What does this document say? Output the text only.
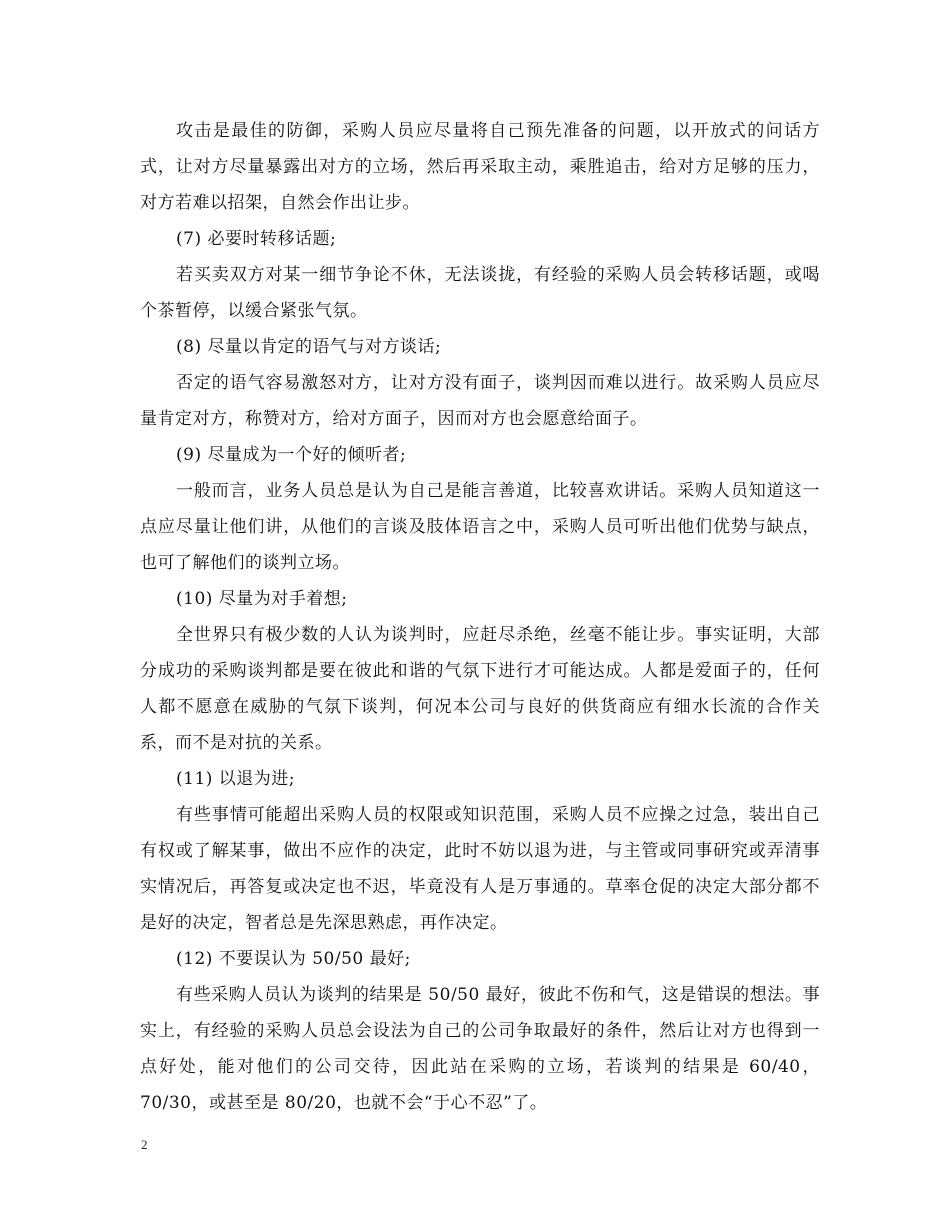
攻击是最佳的防御，采购人员应尽量将自己预先准备的问题，以开放式的问话方式，让对方尽量暴露出对方的立场，然后再采取主动，乘胜追击，给对方足够的压力，对方若难以招架，自然会作出让步。

(7) 必要时转移话题;

若买卖双方对某一细节争论不休，无法谈拢，有经验的采购人员会转移话题，或喝个茶暂停，以缓合紧张气氛。

(8) 尽量以肯定的语气与对方谈话;

否定的语气容易激怒对方，让对方没有面子，谈判因而难以进行。故采购人员应尽量肯定对方，称赞对方，给对方面子，因而对方也会愿意给面子。

(9) 尽量成为一个好的倾听者;

一般而言，业务人员总是认为自己是能言善道，比较喜欢讲话。采购人员知道这一点应尽量让他们讲，从他们的言谈及肢体语言之中，采购人员可听出他们优势与缺点，也可了解他们的谈判立场。

(10) 尽量为对手着想;

全世界只有极少数的人认为谈判时，应赶尽杀绝，丝毫不能让步。事实证明，大部分成功的采购谈判都是要在彼此和谐的气氛下进行才可能达成。人都是爱面子的，任何人都不愿意在威胁的气氛下谈判，何况本公司与良好的供货商应有细水长流的合作关系，而不是对抗的关系。

(11) 以退为进;

有些事情可能超出采购人员的权限或知识范围，采购人员不应操之过急，装出自己有权或了解某事，做出不应作的决定，此时不妨以退为进，与主管或同事研究或弄清事实情况后，再答复或决定也不迟，毕竟没有人是万事通的。草率仓促的决定大部分都不是好的决定，智者总是先深思熟虑，再作决定。

(12) 不要误认为 50/50 最好;

有些采购人员认为谈判的结果是 50/50 最好，彼此不伤和气，这是错误的想法。事实上，有经验的采购人员总会设法为自己的公司争取最好的条件，然后让对方也得到一点好处，能对他们的公司交待，因此站在采购的立场，若谈判的结果是 60/40，70/30，或甚至是 80/20，也就不会“于心不忍”了。

2
